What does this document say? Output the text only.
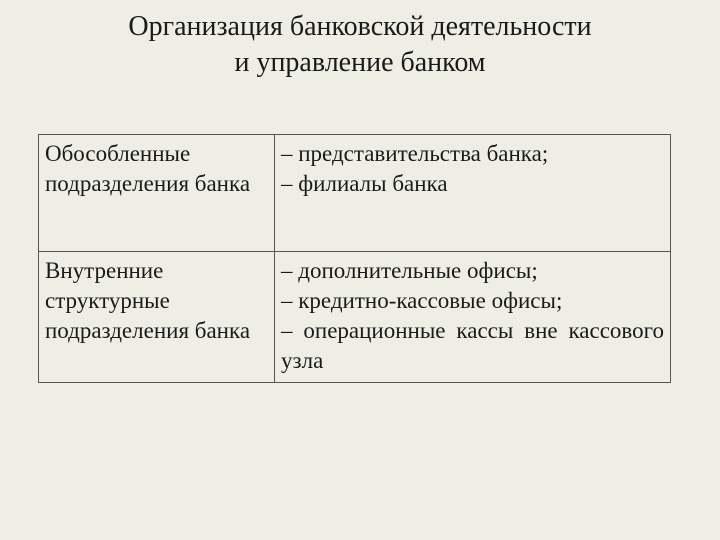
Организация банковской деятельности
и управление банком
Обособленные подразделения банка	– представительства банка;
– филиалы банка

Внутренние структурные подразделения банка	– дополнительные офисы;
– кредитно-кассовые офисы;
– операционные кассы вне кассового узла
